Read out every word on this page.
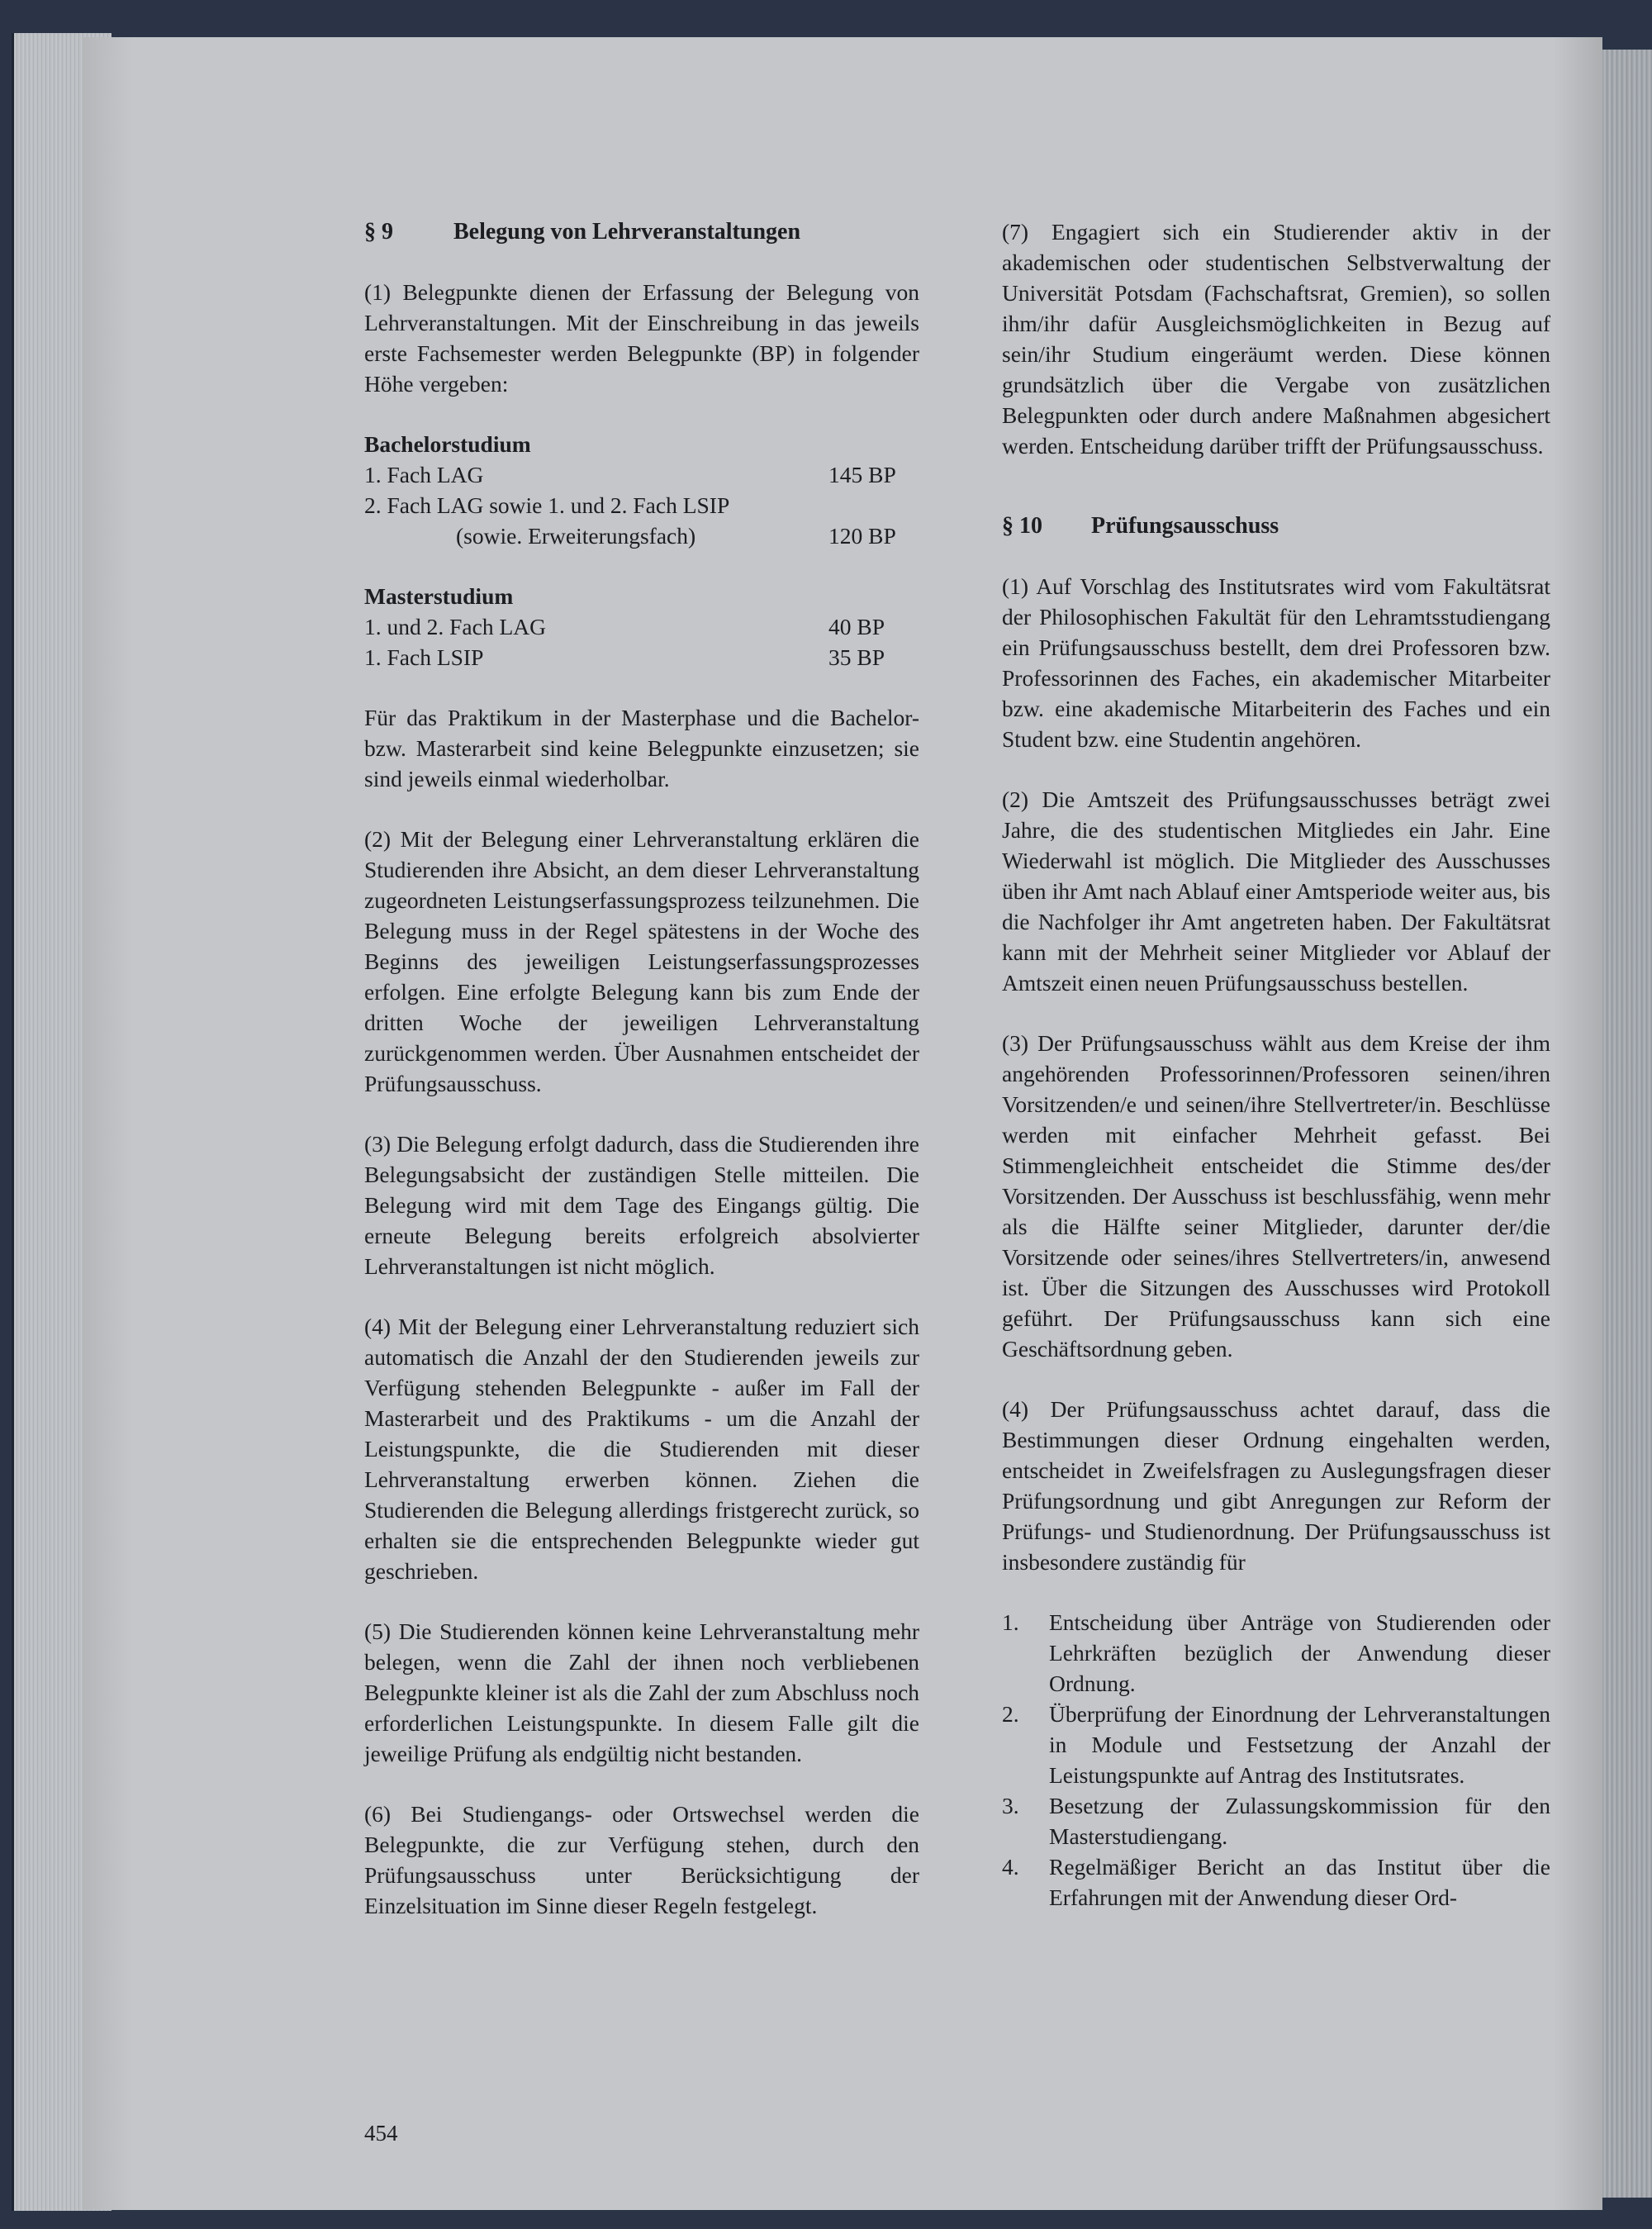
§ 9	Belegung von Lehrveranstaltungen

(1) Belegpunkte dienen der Erfassung der Belegung von Lehrveranstaltungen. Mit der Einschreibung in das jeweils erste Fachsemester werden Belegpunkte (BP) in folgender Höhe vergeben:

Bachelorstudium
1. Fach LAG	145 BP
2. Fach LAG sowie 1. und 2. Fach LSIP
(sowie. Erweiterungsfach)	120 BP
Masterstudium
1. und 2. Fach LAG	40 BP
1. Fach LSIP	35 BP

Für das Praktikum in der Masterphase und die Bachelor- bzw. Masterarbeit sind keine Belegpunkte einzusetzen; sie sind jeweils einmal wiederholbar.

(2) Mit der Belegung einer Lehrveranstaltung erklären die Studierenden ihre Absicht, an dem dieser Lehrveranstaltung zugeordneten Leistungserfassungsprozess teilzunehmen. Die Belegung muss in der Regel spätestens in der Woche des Beginns des jeweiligen Leistungserfassungsprozesses erfolgen. Eine erfolgte Belegung kann bis zum Ende der dritten Woche der jeweiligen Lehrveranstaltung zurückgenommen werden. Über Ausnahmen entscheidet der Prüfungsausschuss.

(3) Die Belegung erfolgt dadurch, dass die Studierenden ihre Belegungsabsicht der zuständigen Stelle mitteilen. Die Belegung wird mit dem Tage des Eingangs gültig. Die erneute Belegung bereits erfolgreich absolvierter Lehrveranstaltungen ist nicht möglich.

(4) Mit der Belegung einer Lehrveranstaltung reduziert sich automatisch die Anzahl der den Studierenden jeweils zur Verfügung stehenden Belegpunkte - außer im Fall der Masterarbeit und des Praktikums - um die Anzahl der Leistungspunkte, die die Studierenden mit dieser Lehrveranstaltung erwerben können. Ziehen die Studierenden die Belegung allerdings fristgerecht zurück, so erhalten sie die entsprechenden Belegpunkte wieder gut geschrieben.

(5) Die Studierenden können keine Lehrveranstaltung mehr belegen, wenn die Zahl der ihnen noch verbliebenen Belegpunkte kleiner ist als die Zahl der zum Abschluss noch erforderlichen Leistungspunkte. In diesem Falle gilt die jeweilige Prüfung als endgültig nicht bestanden.

(6) Bei Studiengangs- oder Ortswechsel werden die Belegpunkte, die zur Verfügung stehen, durch den Prüfungsausschuss unter Berücksichtigung der Einzelsituation im Sinne dieser Regeln festgelegt.

(7) Engagiert sich ein Studierender aktiv in der akademischen oder studentischen Selbstverwaltung der Universität Potsdam (Fachschaftsrat, Gremien), so sollen ihm/ihr dafür Ausgleichsmöglichkeiten in Bezug auf sein/ihr Studium eingeräumt werden. Diese können grundsätzlich über die Vergabe von zusätzlichen Belegpunkten oder durch andere Maßnahmen abgesichert werden. Entscheidung darüber trifft der Prüfungsausschuss.

§ 10	Prüfungsausschuss

(1) Auf Vorschlag des Institutsrates wird vom Fakultätsrat der Philosophischen Fakultät für den Lehramtsstudiengang ein Prüfungsausschuss bestellt, dem drei Professoren bzw. Professorinnen des Faches, ein akademischer Mitarbeiter bzw. eine akademische Mitarbeiterin des Faches und ein Student bzw. eine Studentin angehören.

(2) Die Amtszeit des Prüfungsausschusses beträgt zwei Jahre, die des studentischen Mitgliedes ein Jahr. Eine Wiederwahl ist möglich. Die Mitglieder des Ausschusses üben ihr Amt nach Ablauf einer Amtsperiode weiter aus, bis die Nachfolger ihr Amt angetreten haben. Der Fakultätsrat kann mit der Mehrheit seiner Mitglieder vor Ablauf der Amtszeit einen neuen Prüfungsausschuss bestellen.

(3) Der Prüfungsausschuss wählt aus dem Kreise der ihm angehörenden Professorinnen/Professoren seinen/ihren Vorsitzenden/e und seinen/ihre Stellvertreter/in. Beschlüsse werden mit einfacher Mehrheit gefasst. Bei Stimmengleichheit entscheidet die Stimme des/der Vorsitzenden. Der Ausschuss ist beschlussfähig, wenn mehr als die Hälfte seiner Mitglieder, darunter der/die Vorsitzende oder seines/ihres Stellvertreters/in, anwesend ist. Über die Sitzungen des Ausschusses wird Protokoll geführt. Der Prüfungsausschuss kann sich eine Geschäftsordnung geben.

(4) Der Prüfungsausschuss achtet darauf, dass die Bestimmungen dieser Ordnung eingehalten werden, entscheidet in Zweifelsfragen zu Auslegungsfragen dieser Prüfungsordnung und gibt Anregungen zur Reform der Prüfungs- und Studienordnung. Der Prüfungsausschuss ist insbesondere zuständig für

1.	Entscheidung über Anträge von Studierenden oder Lehrkräften bezüglich der Anwendung dieser Ordnung.
2.	Überprüfung der Einordnung der Lehrveranstaltungen in Module und Festsetzung der Anzahl der Leistungspunkte auf Antrag des Institutsrates.
3.	Besetzung der Zulassungskommission für den Masterstudiengang.
4.	Regelmäßiger Bericht an das Institut über die Erfahrungen mit der Anwendung dieser Ord-
454
